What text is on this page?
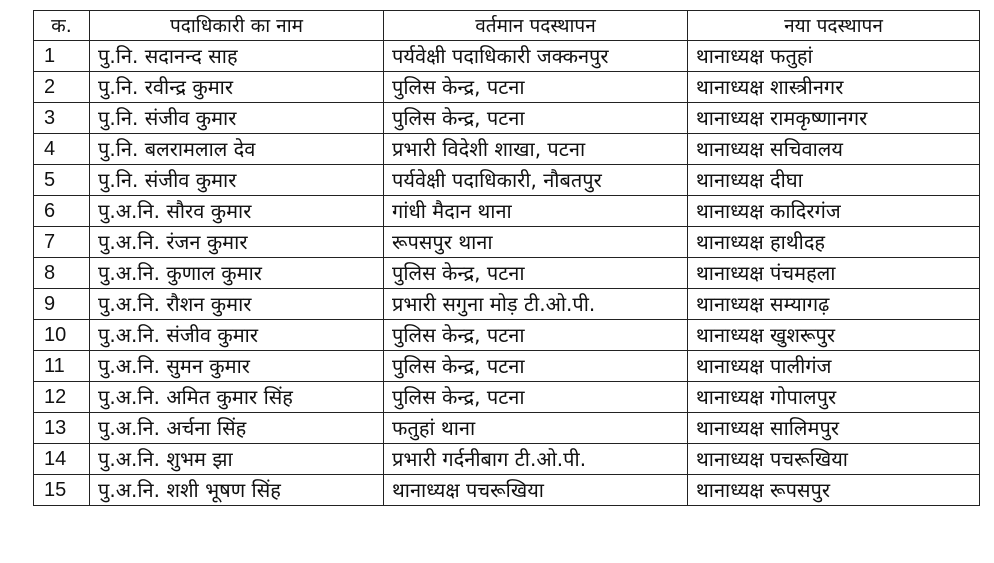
क.	पदाधिकारी का नाम	वर्तमान पदस्थापन	नया पदस्थापन
1	पु.नि. सदानन्द साह	पर्यवेक्षी पदाधिकारी जक्कनपुर	थानाध्यक्ष फतुहां
2	पु.नि. रवीन्द्र कुमार	पुलिस केन्द्र, पटना	थानाध्यक्ष शास्त्रीनगर
3	पु.नि. संजीव कुमार	पुलिस केन्द्र, पटना	थानाध्यक्ष रामकृष्णानगर
4	पु.नि. बलरामलाल देव	प्रभारी विदेशी शाखा, पटना	थानाध्यक्ष सचिवालय
5	पु.नि. संजीव कुमार	पर्यवेक्षी पदाधिकारी, नौबतपुर	थानाध्यक्ष दीघा
6	पु.अ.नि. सौरव कुमार	गांधी मैदान थाना	थानाध्यक्ष कादिरगंज
7	पु.अ.नि. रंजन कुमार	रूपसपुर थाना	थानाध्यक्ष हाथीदह
8	पु.अ.नि. कुणाल कुमार	पुलिस केन्द्र, पटना	थानाध्यक्ष पंचमहला
9	पु.अ.नि. रौशन कुमार	प्रभारी सगुना मोड़ टी.ओ.पी.	थानाध्यक्ष सम्यागढ़
10	पु.अ.नि. संजीव कुमार	पुलिस केन्द्र, पटना	थानाध्यक्ष खुशरूपुर
11	पु.अ.नि. सुमन कुमार	पुलिस केन्द्र, पटना	थानाध्यक्ष पालीगंज
12	पु.अ.नि. अमित कुमार सिंह	पुलिस केन्द्र, पटना	थानाध्यक्ष गोपालपुर
13	पु.अ.नि. अर्चना सिंह	फतुहां थाना	थानाध्यक्ष सालिमपुर
14	पु.अ.नि. शुभम झा	प्रभारी गर्दनीबाग टी.ओ.पी.	थानाध्यक्ष पचरूखिया
15	पु.अ.नि. शशी भूषण सिंह	थानाध्यक्ष पचरूखिया	थानाध्यक्ष रूपसपुर
